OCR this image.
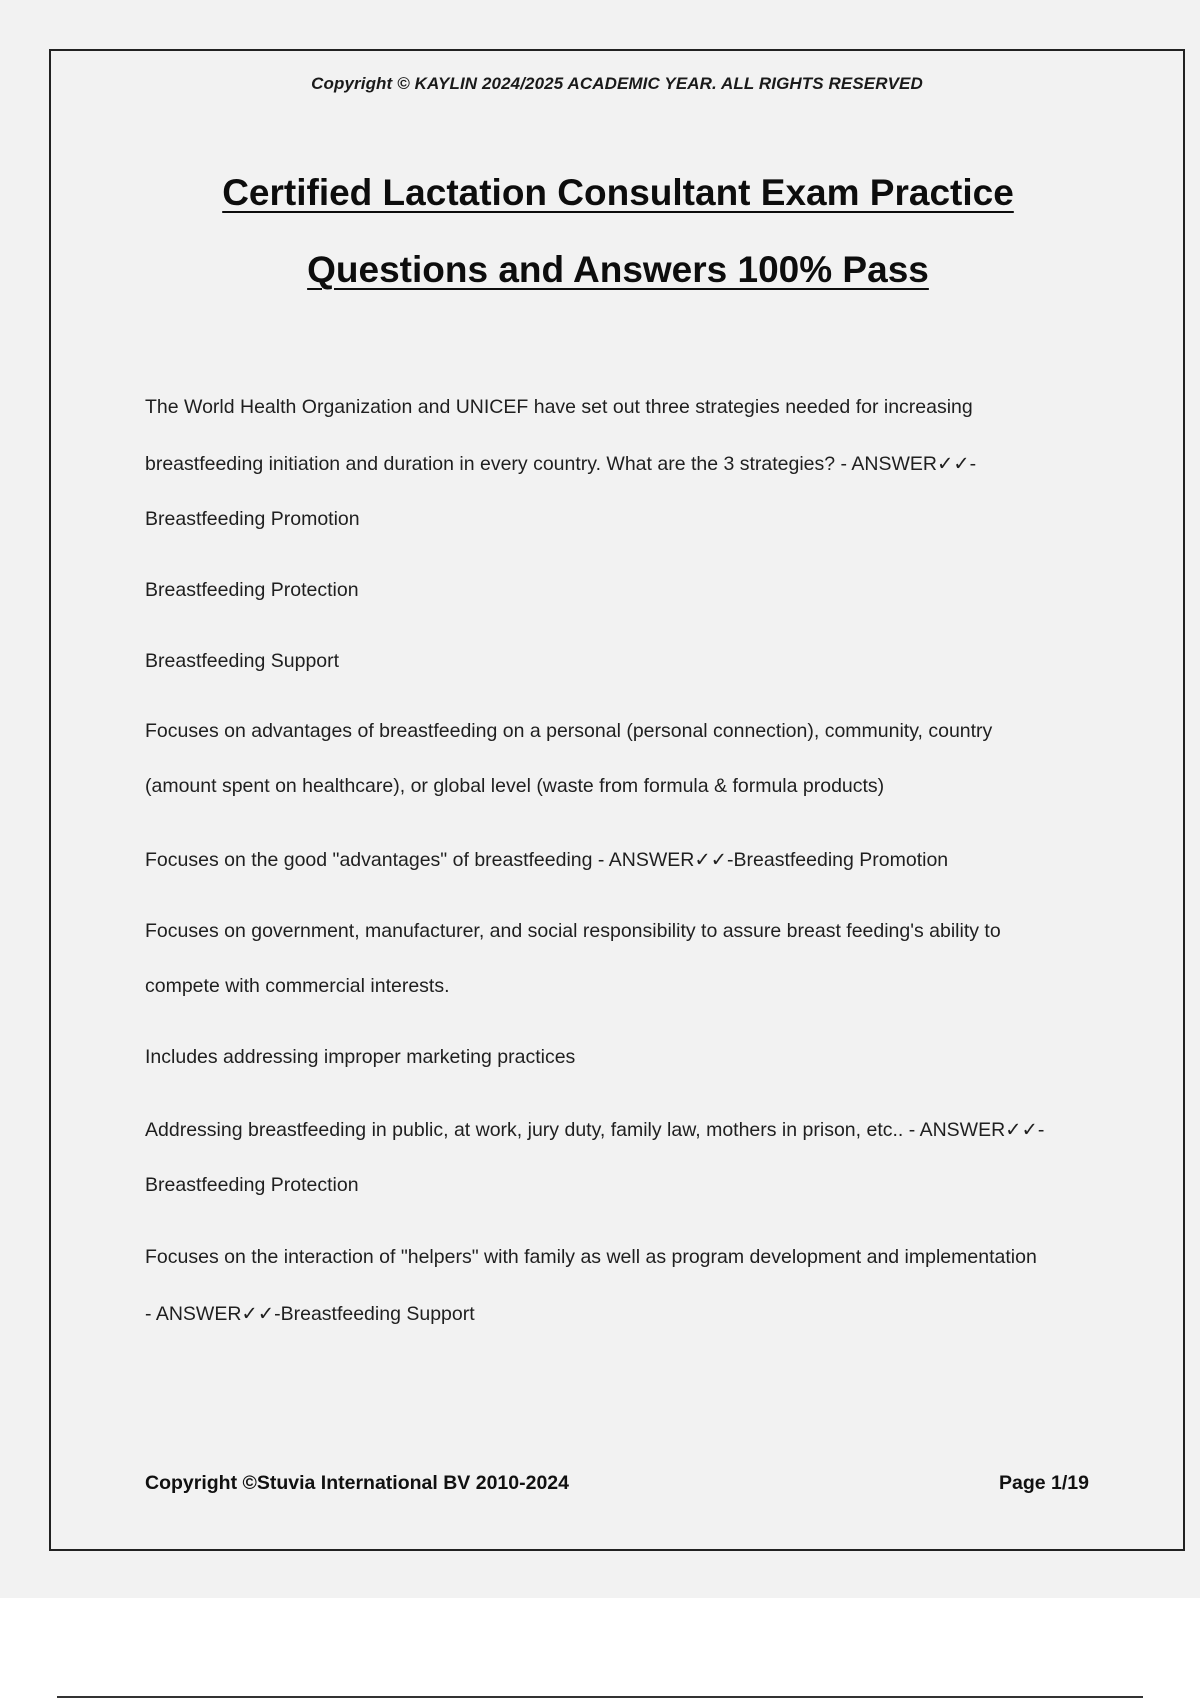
Copyright © KAYLIN 2024/2025 ACADEMIC YEAR. ALL RIGHTS RESERVED
Certified Lactation Consultant Exam Practice
Questions and Answers 100% Pass
The World Health Organization and UNICEF have set out three strategies needed for increasing
breastfeeding initiation and duration in every country. What are the 3 strategies? - ANSWER✓✓-
Breastfeeding Promotion
Breastfeeding Protection
Breastfeeding Support
Focuses on advantages of breastfeeding on a personal (personal connection), community, country
(amount spent on healthcare), or global level (waste from formula & formula products)
Focuses on the good "advantages" of breastfeeding - ANSWER✓✓-Breastfeeding Promotion
Focuses on government, manufacturer, and social responsibility to assure breast feeding's ability to
compete with commercial interests.
Includes addressing improper marketing practices
Addressing breastfeeding in public, at work, jury duty, family law, mothers in prison, etc.. - ANSWER✓✓-
Breastfeeding Protection
Focuses on the interaction of "helpers" with family as well as program development and implementation
- ANSWER✓✓-Breastfeeding Support
Copyright ©Stuvia International BV 2010-2024	Page 1/19
